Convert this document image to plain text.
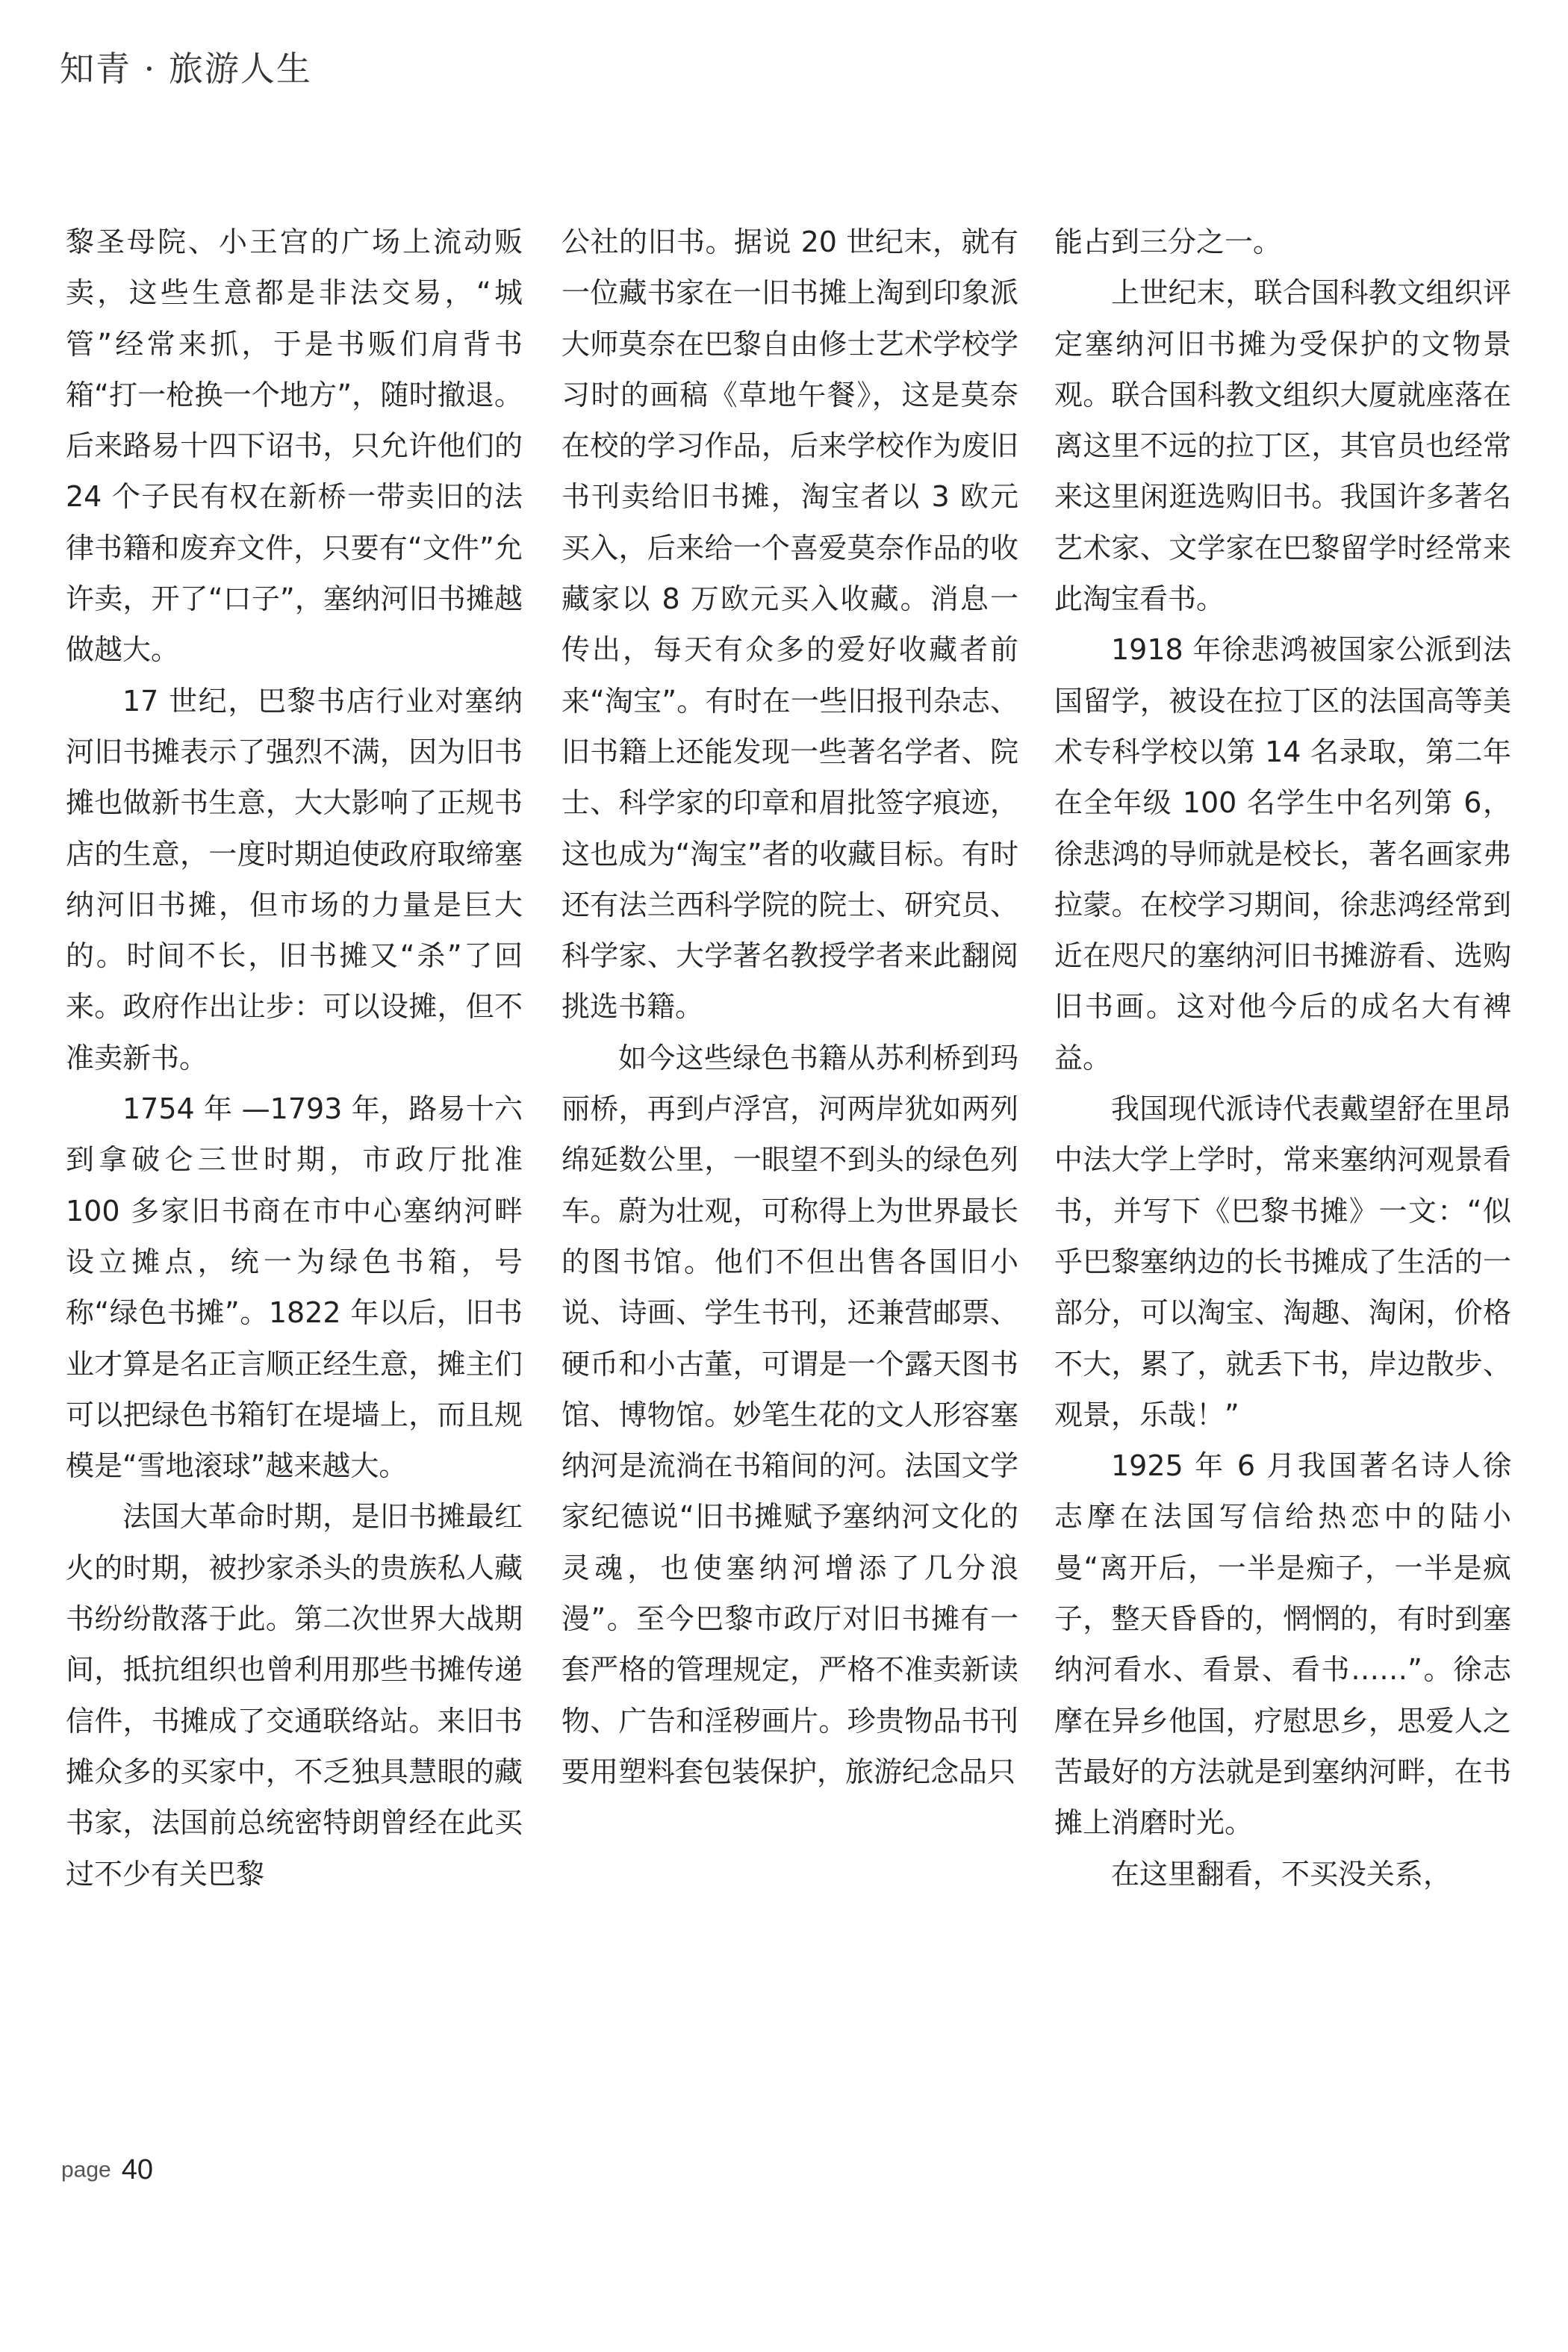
知青 · 旅游人生

黎圣母院、小王宫的广场上流动贩卖，这些生意都是非法交易，“城管”经常来抓，于是书贩们肩背书箱“打一枪换一个地方”，随时撤退。后来路易十四下诏书，只允许他们的 24 个子民有权在新桥一带卖旧的法律书籍和废弃文件，只要有“文件”允许卖，开了“口子”，塞纳河旧书摊越做越大。

17 世纪，巴黎书店行业对塞纳河旧书摊表示了强烈不满，因为旧书摊也做新书生意，大大影响了正规书店的生意，一度时期迫使政府取缔塞纳河旧书摊，但市场的力量是巨大的。时间不长，旧书摊又“杀”了回来。政府作出让步：可以设摊，但不准卖新书。

1754 年 —1793 年，路易十六到拿破仑三世时期，市政厅批准 100 多家旧书商在市中心塞纳河畔设立摊点，统一为绿色书箱，号称“绿色书摊”。1822 年以后，旧书业才算是名正言顺正经生意，摊主们可以把绿色书箱钉在堤墙上，而且规模是“雪地滚球”越来越大。

法国大革命时期，是旧书摊最红火的时期，被抄家杀头的贵族私人藏书纷纷散落于此。第二次世界大战期间，抵抗组织也曾利用那些书摊传递信件，书摊成了交通联络站。来旧书摊众多的买家中，不乏独具慧眼的藏书家，法国前总统密特朗曾经在此买过不少有关巴黎

公社的旧书。据说 20 世纪末，就有一位藏书家在一旧书摊上淘到印象派大师莫奈在巴黎自由修士艺术学校学习时的画稿《草地午餐》，这是莫奈在校的学习作品，后来学校作为废旧书刊卖给旧书摊，淘宝者以 3 欧元买入，后来给一个喜爱莫奈作品的收藏家以 8 万欧元买入收藏。消息一传出，每天有众多的爱好收藏者前来“淘宝”。有时在一些旧报刊杂志、旧书籍上还能发现一些著名学者、院士、科学家的印章和眉批签字痕迹，这也成为“淘宝”者的收藏目标。有时还有法兰西科学院的院士、研究员、科学家、大学著名教授学者来此翻阅挑选书籍。

如今这些绿色书籍从苏利桥到玛丽桥，再到卢浮宫，河两岸犹如两列绵延数公里，一眼望不到头的绿色列车。蔚为壮观，可称得上为世界最长的图书馆。他们不但出售各国旧小说、诗画、学生书刊，还兼营邮票、硬币和小古董，可谓是一个露天图书馆、博物馆。妙笔生花的文人形容塞纳河是流淌在书箱间的河。法国文学家纪德说“旧书摊赋予塞纳河文化的灵魂，也使塞纳河增添了几分浪漫”。至今巴黎市政厅对旧书摊有一套严格的管理规定，严格不准卖新读物、广告和淫秽画片。珍贵物品书刊要用塑料套包装保护，旅游纪念品只

能占到三分之一。

上世纪末，联合国科教文组织评定塞纳河旧书摊为受保护的文物景观。联合国科教文组织大厦就座落在离这里不远的拉丁区，其官员也经常来这里闲逛选购旧书。我国许多著名艺术家、文学家在巴黎留学时经常来此淘宝看书。

1918 年徐悲鸿被国家公派到法国留学，被设在拉丁区的法国高等美术专科学校以第 14 名录取，第二年在全年级 100 名学生中名列第 6，徐悲鸿的导师就是校长，著名画家弗拉蒙。在校学习期间，徐悲鸿经常到近在咫尺的塞纳河旧书摊游看、选购旧书画。这对他今后的成名大有裨益。

我国现代派诗代表戴望舒在里昂中法大学上学时，常来塞纳河观景看书，并写下《巴黎书摊》一文：“似乎巴黎塞纳边的长书摊成了生活的一部分，可以淘宝、淘趣、淘闲，价格不大，累了，就丢下书，岸边散步、观景，乐哉！”

1925 年 6 月我国著名诗人徐志摩在法国写信给热恋中的陆小曼“离开后，一半是痴子，一半是疯子，整天昏昏的，惘惘的，有时到塞纳河看水、看景、看书……”。徐志摩在异乡他国，疗慰思乡，思爱人之苦最好的方法就是到塞纳河畔，在书摊上消磨时光。

在这里翻看，不买没关系，

page 40
